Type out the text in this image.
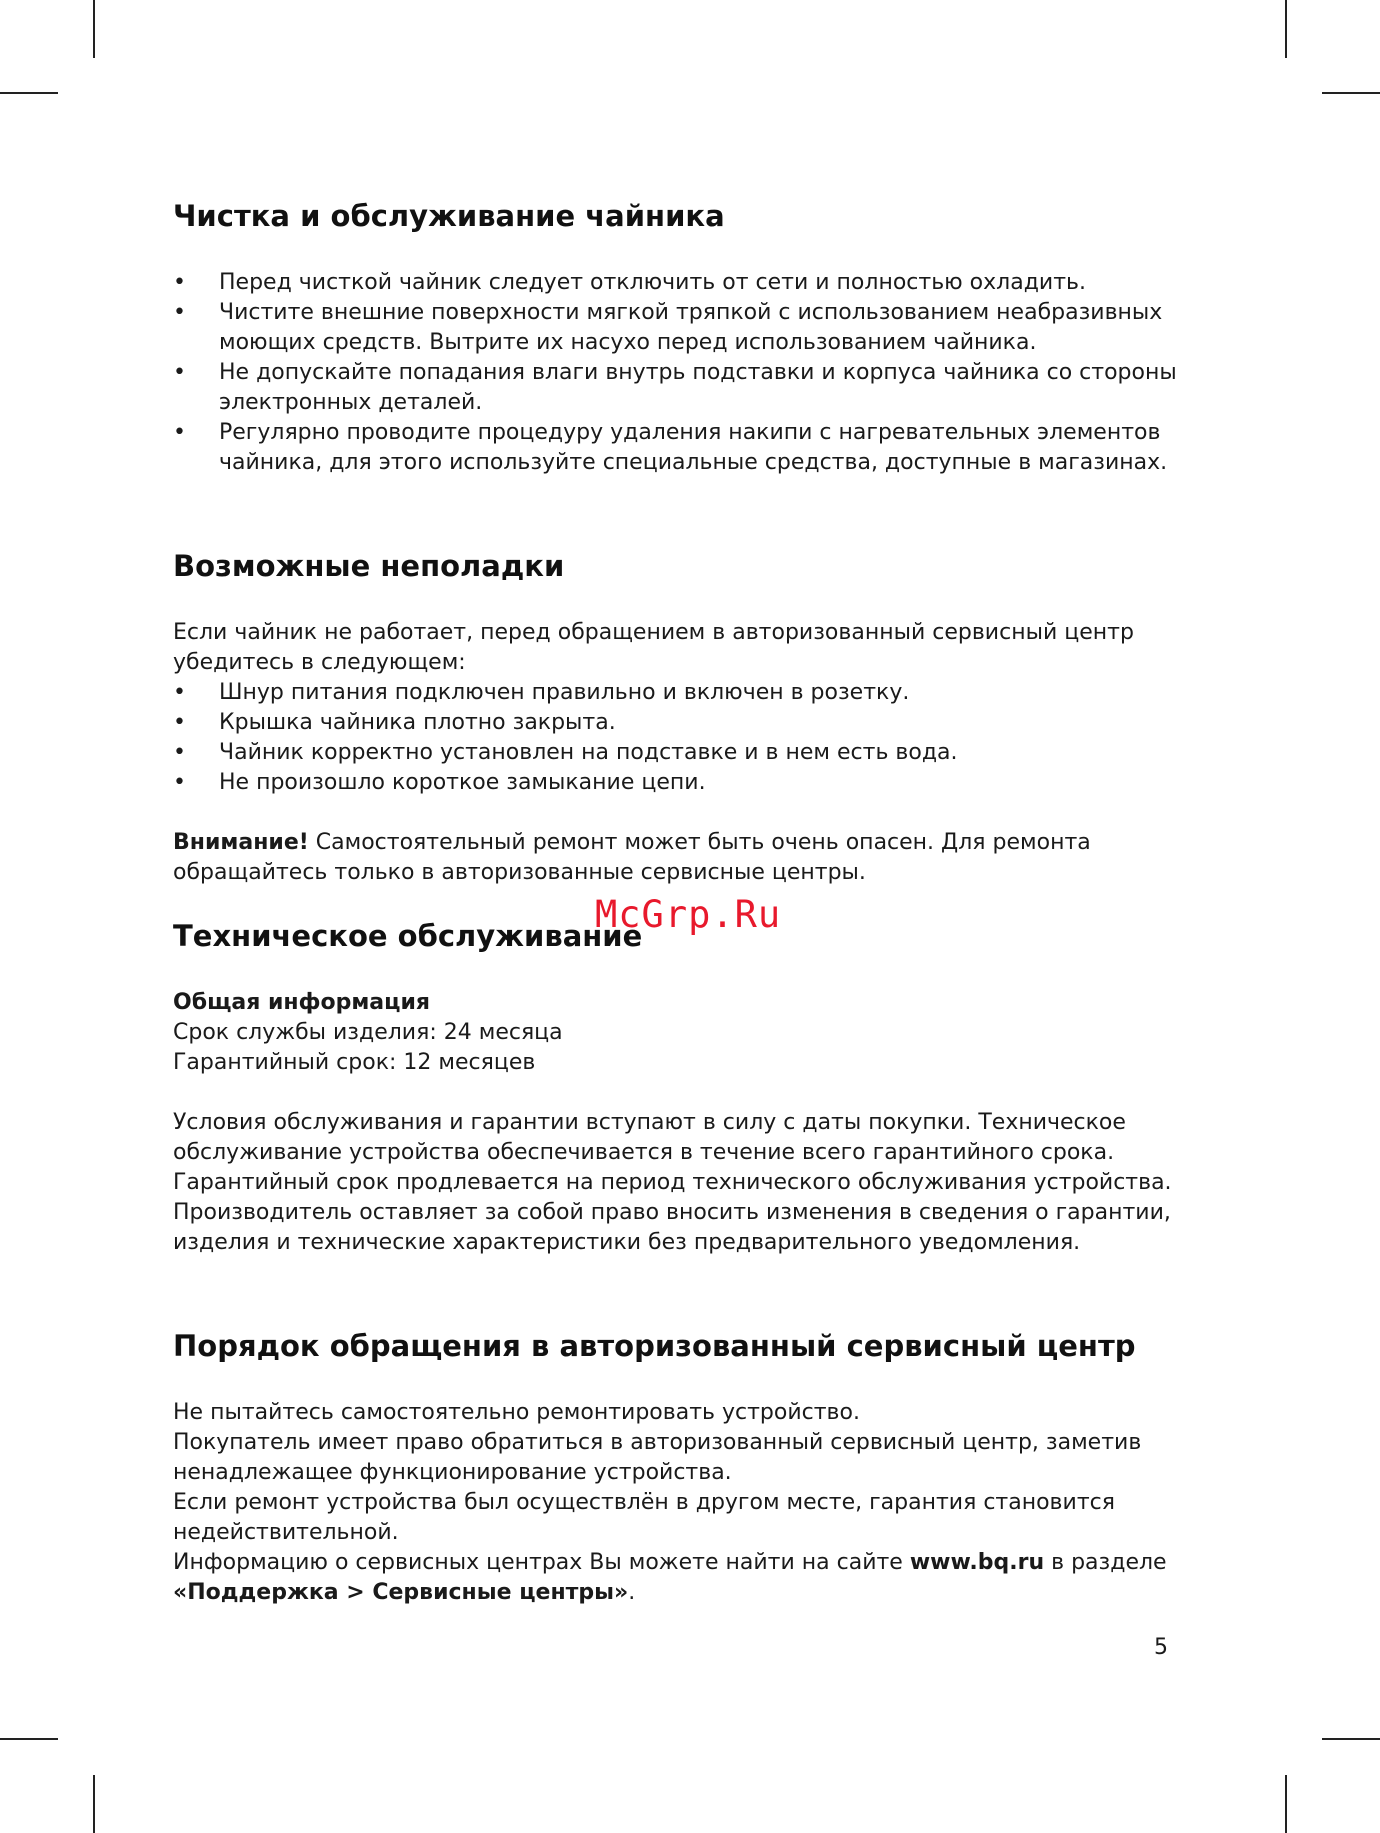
Чистка и обслуживание чайника
• Перед чисткой чайник следует отключить от сети и полностью охладить.
• Чистите внешние поверхности мягкой тряпкой с использованием неабразивных моющих средств. Вытрите их насухо перед использованием чайника.
• Не допускайте попадания влаги внутрь подставки и корпуса чайника со стороны электронных деталей.
• Регулярно проводите процедуру удаления накипи с нагревательных элементов чайника, для этого используйте специальные средства, доступные в магазинах.
Возможные неполадки

Если чайник не работает, перед обращением в авторизованный сервисный центр убедитесь в следующем:

• Шнур питания подключен правильно и включен в розетку.
• Крышка чайника плотно закрыта.
• Чайник корректно установлен на подставке и в нем есть вода.
• Не произошло короткое замыкание цепи.

Внимание! Самостоятельный ремонт может быть очень опасен. Для ремонта обращайтесь только в авторизованные сервисные центры.

Техническое обслуживание

Общая информация

Срок службы изделия: 24 месяца

Гарантийный срок: 12 месяцев

Условия обслуживания и гарантии вступают в силу с даты покупки. Техническое обслуживание устройства обеспечивается в течение всего гарантийного срока. Гарантийный срок продлевается на период технического обслуживания устройства.

Производитель оставляет за собой право вносить изменения в сведения о гарантии, изделия и технические характеристики без предварительного уведомления.

Порядок обращения в авторизованный сервисный центр

Не пытайтесь самостоятельно ремонтировать устройство.

Покупатель имеет право обратиться в авторизованный сервисный центр, заметив ненадлежащее функционирование устройства.

Если ремонт устройства был осуществлён в другом месте, гарантия становится недействительной.

Информацию о сервисных центрах Вы можете найти на сайте www.bq.ru в разделе «Поддержка > Сервисные центры».

McGrp.Ru
5
